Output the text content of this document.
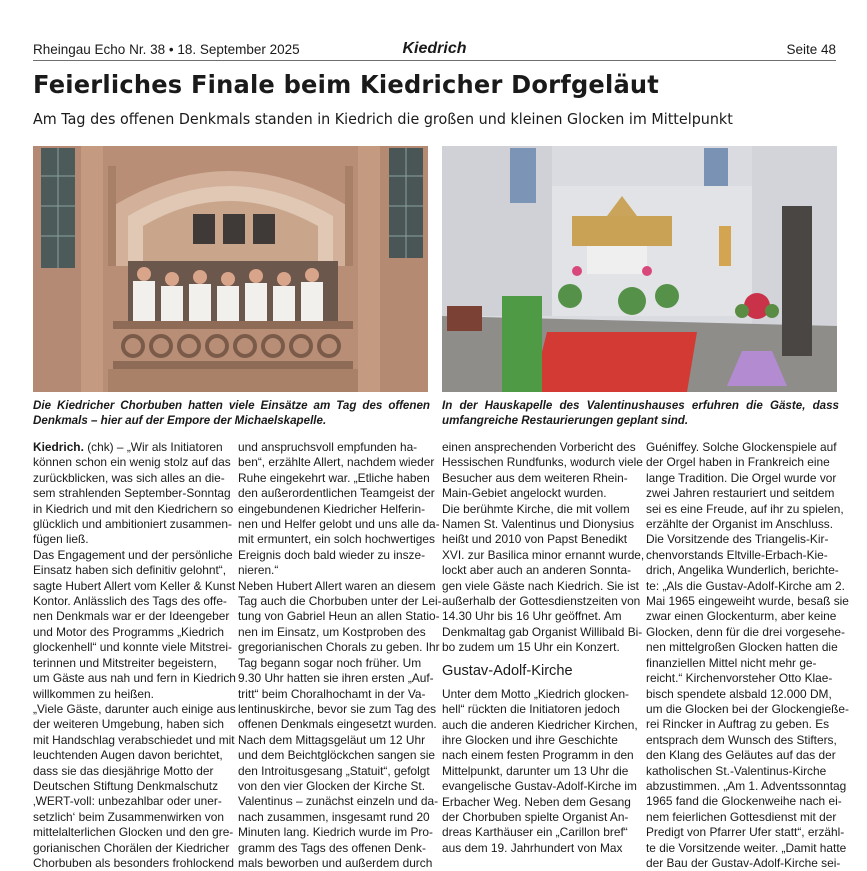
Rheingau Echo Nr. 38 • 18. September 2025	Kiedrich	Seite 48
Feierliches Finale beim Kiedricher Dorfgeläut
Am Tag des offenen Denkmals standen in Kiedrich die großen und kleinen Glocken im Mittelpunkt
Die Kiedricher Chorbuben hatten viele Einsätze am Tag des offenen Denkmals – hier auf der Empore der Michaelskapelle.
In der Hauskapelle des Valentinushauses erfuhren die Gäste, dass umfangreiche Restaurierungen geplant sind.

Kiedrich. (chk) – „Wir als Initiatoren

können schon ein wenig stolz auf das

zurückblicken, was sich alles an die-

sem strahlenden September-Sonntag

in Kiedrich und mit den Kiedrichern so

glücklich und ambitioniert zusammen-

fügen ließ.

Das Engagement und der persönliche

Einsatz haben sich definitiv gelohnt“,

sagte Hubert Allert vom Keller & Kunst

Kontor. Anlässlich des Tags des offe-

nen Denkmals war er der Ideengeber

und Motor des Programms „Kiedrich

glockenhell“ und konnte viele Mitstrei-

terinnen und Mitstreiter begeistern,

um Gäste aus nah und fern in Kiedrich

willkommen zu heißen.

„Viele Gäste, darunter auch einige aus

der weiteren Umgebung, haben sich

mit Handschlag verabschiedet und mit

leuchtenden Augen davon berichtet,

dass sie das diesjährige Motto der

Deutschen Stiftung Denkmalschutz

‚WERT-voll: unbezahlbar oder uner-

setzlich‘ beim Zusammenwirken von

mittelalterlichen Glocken und den gre-

gorianischen Chorälen der Kiedricher

Chorbuben als besonders frohlockend

und anspruchsvoll empfunden ha-

ben“, erzählte Allert, nachdem wieder

Ruhe eingekehrt war. „Etliche haben

den außerordentlichen Teamgeist der

eingebundenen Kiedricher Helferin-

nen und Helfer gelobt und uns alle da-

mit ermuntert, ein solch hochwertiges

Ereignis doch bald wieder zu insze-

nieren.“

Neben Hubert Allert waren an diesem

Tag auch die Chorbuben unter der Lei-

tung von Gabriel Heun an allen Statio-

nen im Einsatz, um Kostproben des

gregorianischen Chorals zu geben. Ihr

Tag begann sogar noch früher. Um

9.30 Uhr hatten sie ihren ersten „Auf-

tritt“ beim Choralhochamt in der Va-

lentinuskirche, bevor sie zum Tag des

offenen Denkmals eingesetzt wurden.

Nach dem Mittagsgeläut um 12 Uhr

und dem Beichtglöckchen sangen sie

den Introitusgesang „Statuit“, gefolgt

von den vier Glocken der Kirche St.

Valentinus – zunächst einzeln und da-

nach zusammen, insgesamt rund 20

Minuten lang. Kiedrich wurde im Pro-

gramm des Tags des offenen Denk-

mals beworben und außerdem durch

einen ansprechenden Vorbericht des

Hessischen Rundfunks, wodurch viele

Besucher aus dem weiteren Rhein-

Main-Gebiet angelockt wurden.

Die berühmte Kirche, die mit vollem

Namen St. Valentinus und Dionysius

heißt und 2010 von Papst Benedikt

XVI. zur Basilica minor ernannt wurde,

lockt aber auch an anderen Sonnta-

gen viele Gäste nach Kiedrich. Sie ist

außerhalb der Gottesdienstzeiten von

14.30 Uhr bis 16 Uhr geöffnet. Am

Denkmaltag gab Organist Willibald Bi-

bo zudem um 15 Uhr ein Konzert.

Gustav-Adolf-Kirche

Unter dem Motto „Kiedrich glocken-

hell“ rückten die Initiatoren jedoch

auch die anderen Kiedricher Kirchen,

ihre Glocken und ihre Geschichte

nach einem festen Programm in den

Mittelpunkt, darunter um 13 Uhr die

evangelische Gustav-Adolf-Kirche im

Erbacher Weg. Neben dem Gesang

der Chorbuben spielte Organist An-

dreas Karthäuser ein „Carillon bref“

aus dem 19. Jahrhundert von Max

Guéniffey. Solche Glockenspiele auf

der Orgel haben in Frankreich eine

lange Tradition. Die Orgel wurde vor

zwei Jahren restauriert und seitdem

sei es eine Freude, auf ihr zu spielen,

erzählte der Organist im Anschluss.

Die Vorsitzende des Triangelis-Kir-

chenvorstands Eltville-Erbach-Kie-

drich, Angelika Wunderlich, berichte-

te: „Als die Gustav-Adolf-Kirche am 2.

Mai 1965 eingeweiht wurde, besaß sie

zwar einen Glockenturm, aber keine

Glocken, denn für die drei vorgesehe-

nen mittelgroßen Glocken hatten die

finanziellen Mittel nicht mehr ge-

reicht.“ Kirchenvorsteher Otto Klae-

bisch spendete alsbald 12.000 DM,

um die Glocken bei der Glockengieße-

rei Rincker in Auftrag zu geben. Es

entsprach dem Wunsch des Stifters,

den Klang des Geläutes auf das der

katholischen St.-Valentinus-Kirche

abzustimmen. „Am 1. Adventssonntag

1965 fand die Glockenweihe nach ei-

nem feierlichen Gottesdienst mit der

Predigt von Pfarrer Ufer statt“, erzähl-

te die Vorsitzende weiter. „Damit hatte

der Bau der Gustav-Adolf-Kirche sei-
